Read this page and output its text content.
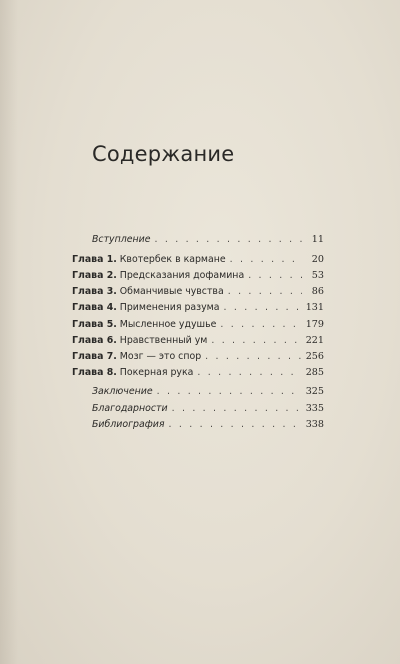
Содержание
Вступление . . .	11
Глава 1. Квотербек в кармане . . .	20
Глава 2. Предсказания дофамина . . .	53
Глава 3. Обманчивые чувства . . .	86
Глава 4. Применения разума . . .	131
Глава 5. Мысленное удушье . . .	179
Глава 6. Нравственный ум . . .	221
Глава 7. Мозг — это спор . . .	256
Глава 8. Покерная рука . . .	285
Заключение . . .	325
Благодарности . . .	335
Библиография . . .	338
